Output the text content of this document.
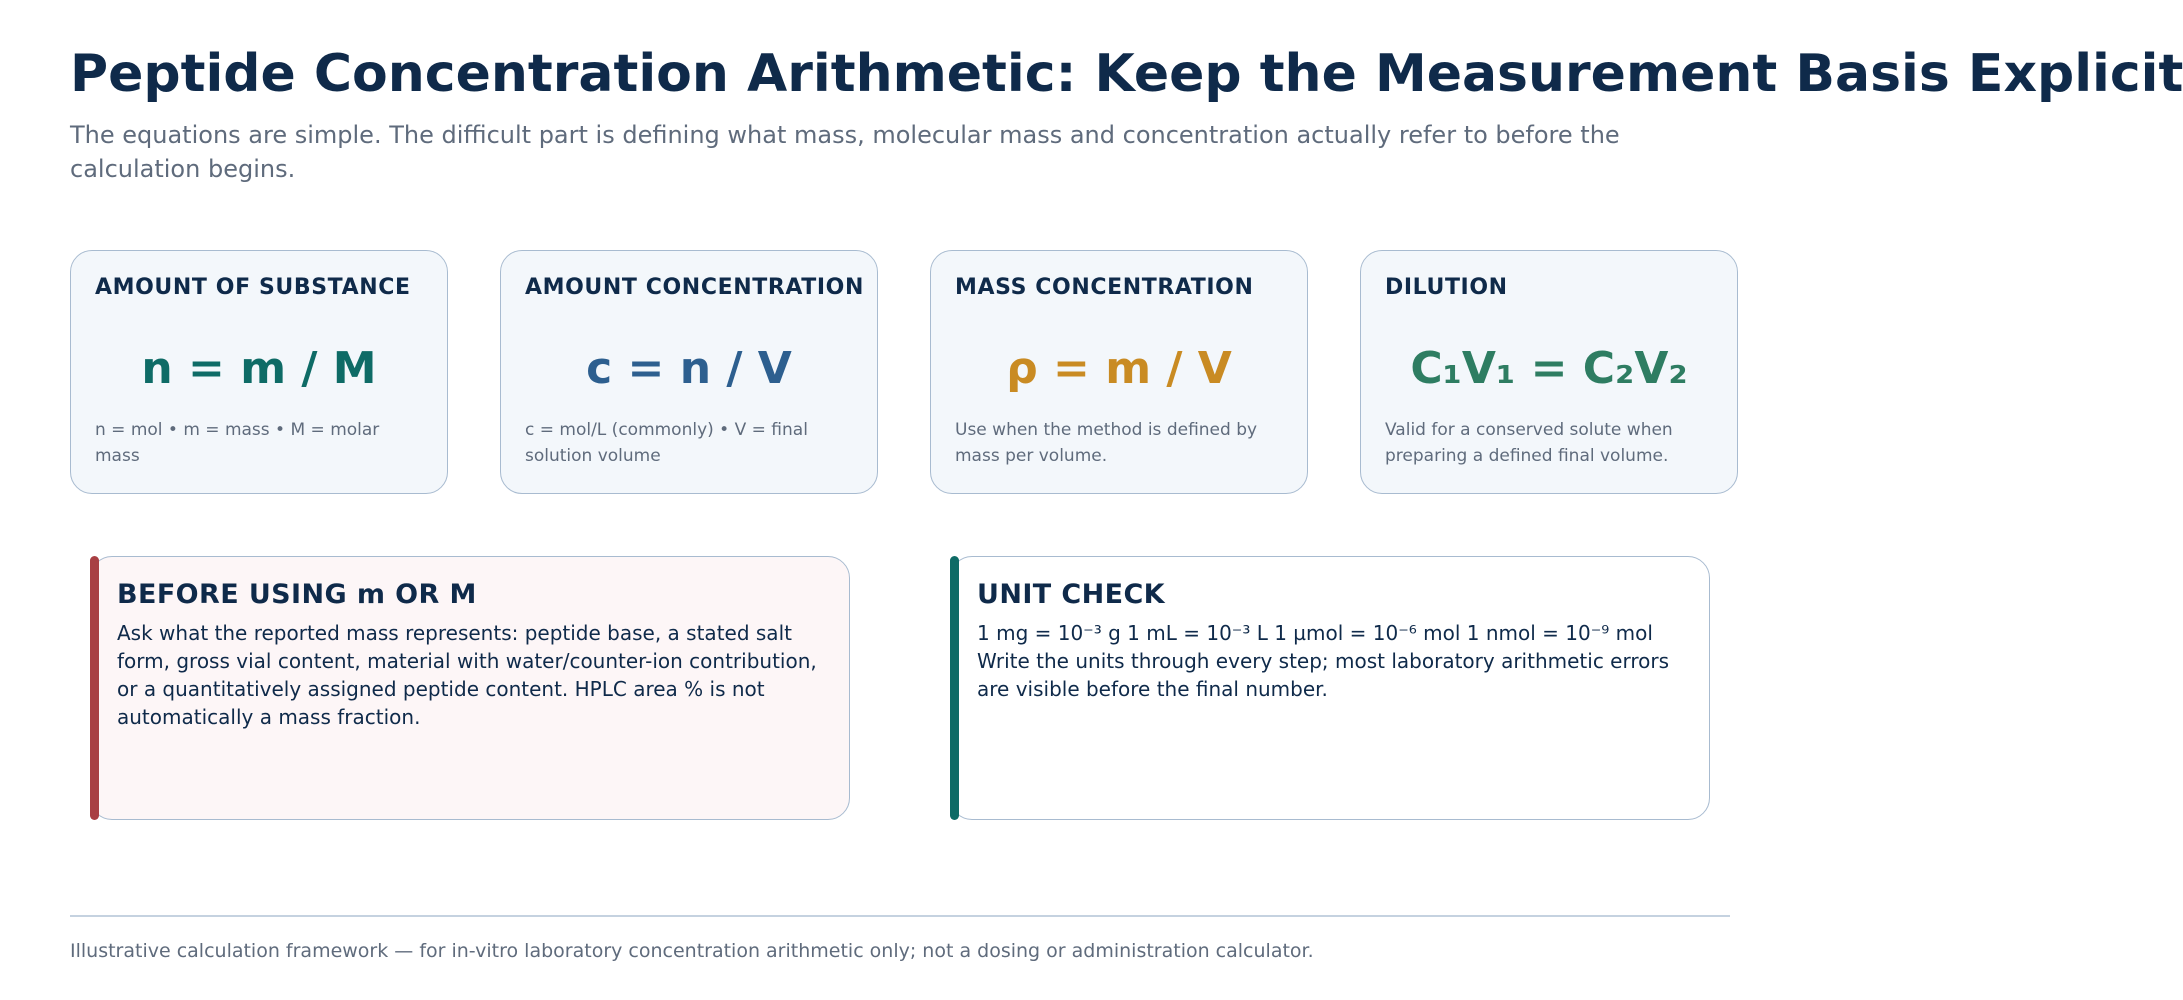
Peptide Concentration Arithmetic: Keep the Measurement Basis Explicit

The equations are simple. The difficult part is defining what mass, molecular mass and concentration actually refer to before the calculation begins.

AMOUNT OF SUBSTANCE
n = m / M
n = mol • m = mass • M = molar mass
AMOUNT CONCENTRATION
c = n / V
c = mol/L (commonly) • V = final solution volume
MASS CONCENTRATION
ρ = m / V
Use when the method is defined by mass per volume.
DILUTION
C₁V₁ = C₂V₂
Valid for a conserved solute when preparing a defined final volume.
BEFORE USING m OR M

Ask what the reported mass represents: peptide base, a stated salt form, gross vial content, material with water/counter-ion contribution, or a quantitatively assigned peptide content. HPLC area % is not automatically a mass fraction.

UNIT CHECK

1 mg = 10⁻³ g 1 mL = 10⁻³ L 1 µmol = 10⁻⁶ mol 1 nmol = 10⁻⁹ mol Write the units through every step; most laboratory arithmetic errors are visible before the final number.

Illustrative calculation framework — for in-vitro laboratory concentration arithmetic only; not a dosing or administration calculator.
